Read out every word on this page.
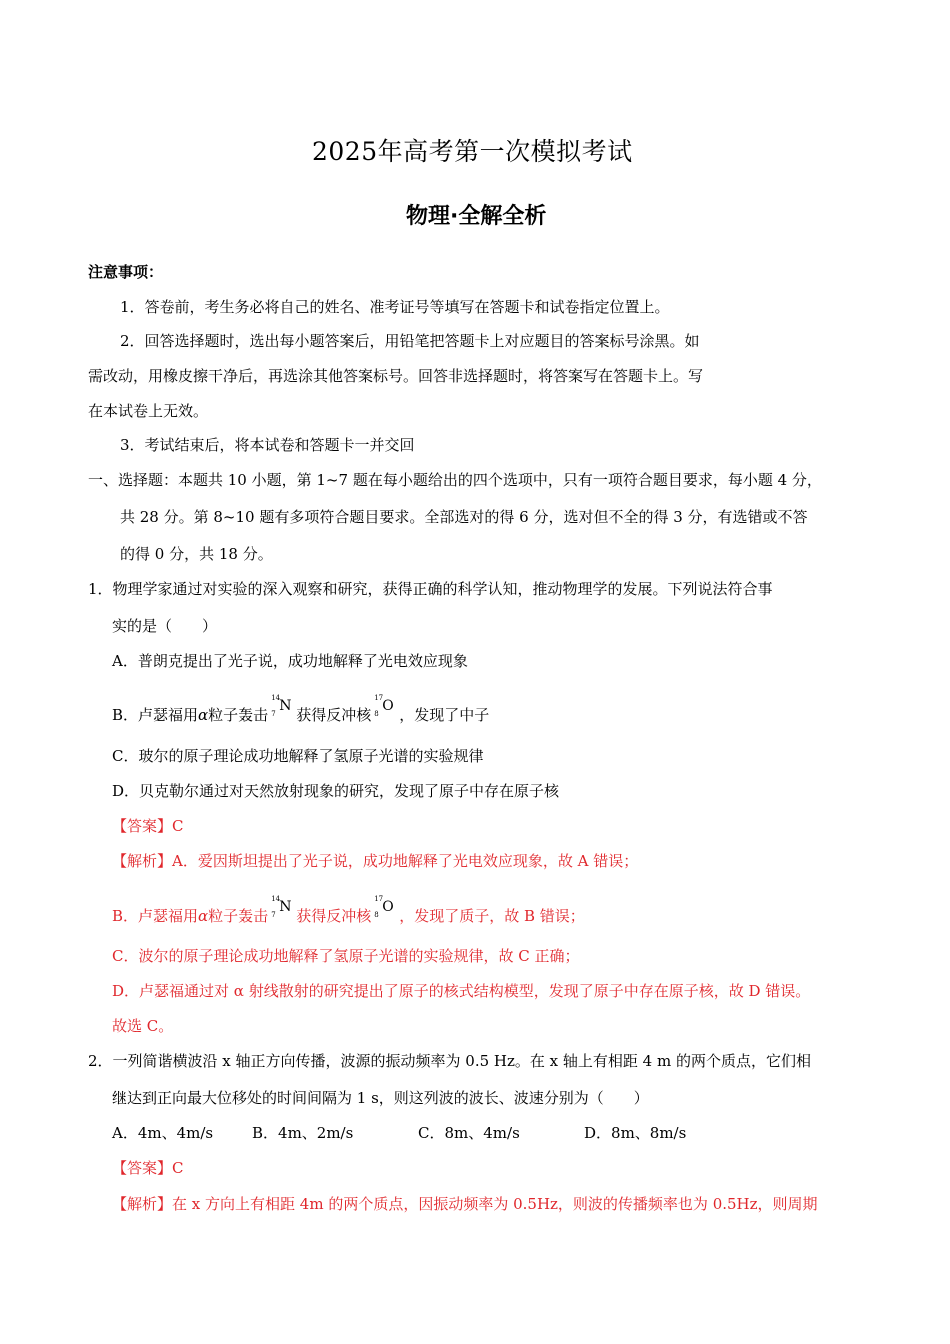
2025年高考第一次模拟考试
物理·全解全析
注意事项：
1．答卷前，考生务必将自己的姓名、准考证号等填写在答题卡和试卷指定位置上。
2．回答选择题时，选出每小题答案后，用铅笔把答题卡上对应题目的答案标号涂黑。如
需改动，用橡皮擦干净后，再选涂其他答案标号。回答非选择题时，将答案写在答题卡上。写
在本试卷上无效。
3．考试结束后，将本试卷和答题卡一并交回
一、选择题：本题共 10 小题，第 1~7 题在每小题给出的四个选项中，只有一项符合题目要求，每小题 4 分，
共 28 分。第 8~10 题有多项符合题目要求。全部选对的得 6 分，选对但不全的得 3 分，有选错或不答
的得 0 分，共 18 分。
1．物理学家通过对实验的深入观察和研究，获得正确的科学认知，推动物理学的发展。下列说法符合事
实的是（　　）
A．普朗克提出了光子说，成功地解释了光电效应现象
B．卢瑟福用α粒子轰击
14
7 N 获得反冲核
17
8 O ，发现了中子
C．玻尔的原子理论成功地解释了氢原子光谱的实验规律
D．贝克勒尔通过对天然放射现象的研究，发现了原子中存在原子核
【答案】C
【解析】A．爱因斯坦提出了光子说，成功地解释了光电效应现象，故 A 错误；
B．卢瑟福用α粒子轰击
14
7 N 获得反冲核
17
8 O ，发现了质子，故 B 错误；
C．波尔的原子理论成功地解释了氢原子光谱的实验规律，故 C 正确；
D．卢瑟福通过对 α 射线散射的研究提出了原子的核式结构模型，发现了原子中存在原子核，故 D 错误。
故选 C。
2．一列简谐横波沿 x 轴正方向传播，波源的振动频率为 0.5 Hz。在 x 轴上有相距 4 m 的两个质点，它们相
继达到正向最大位移处的时间间隔为 1 s，则这列波的波长、波速分别为（　　）
A．4m、4m/s	B．4m、2m/s	C．8m、4m/s	D．8m、8m/s
【答案】C
【解析】在 x 方向上有相距 4m 的两个质点，因振动频率为 0.5Hz，则波的传播频率也为 0.5Hz，则周期
